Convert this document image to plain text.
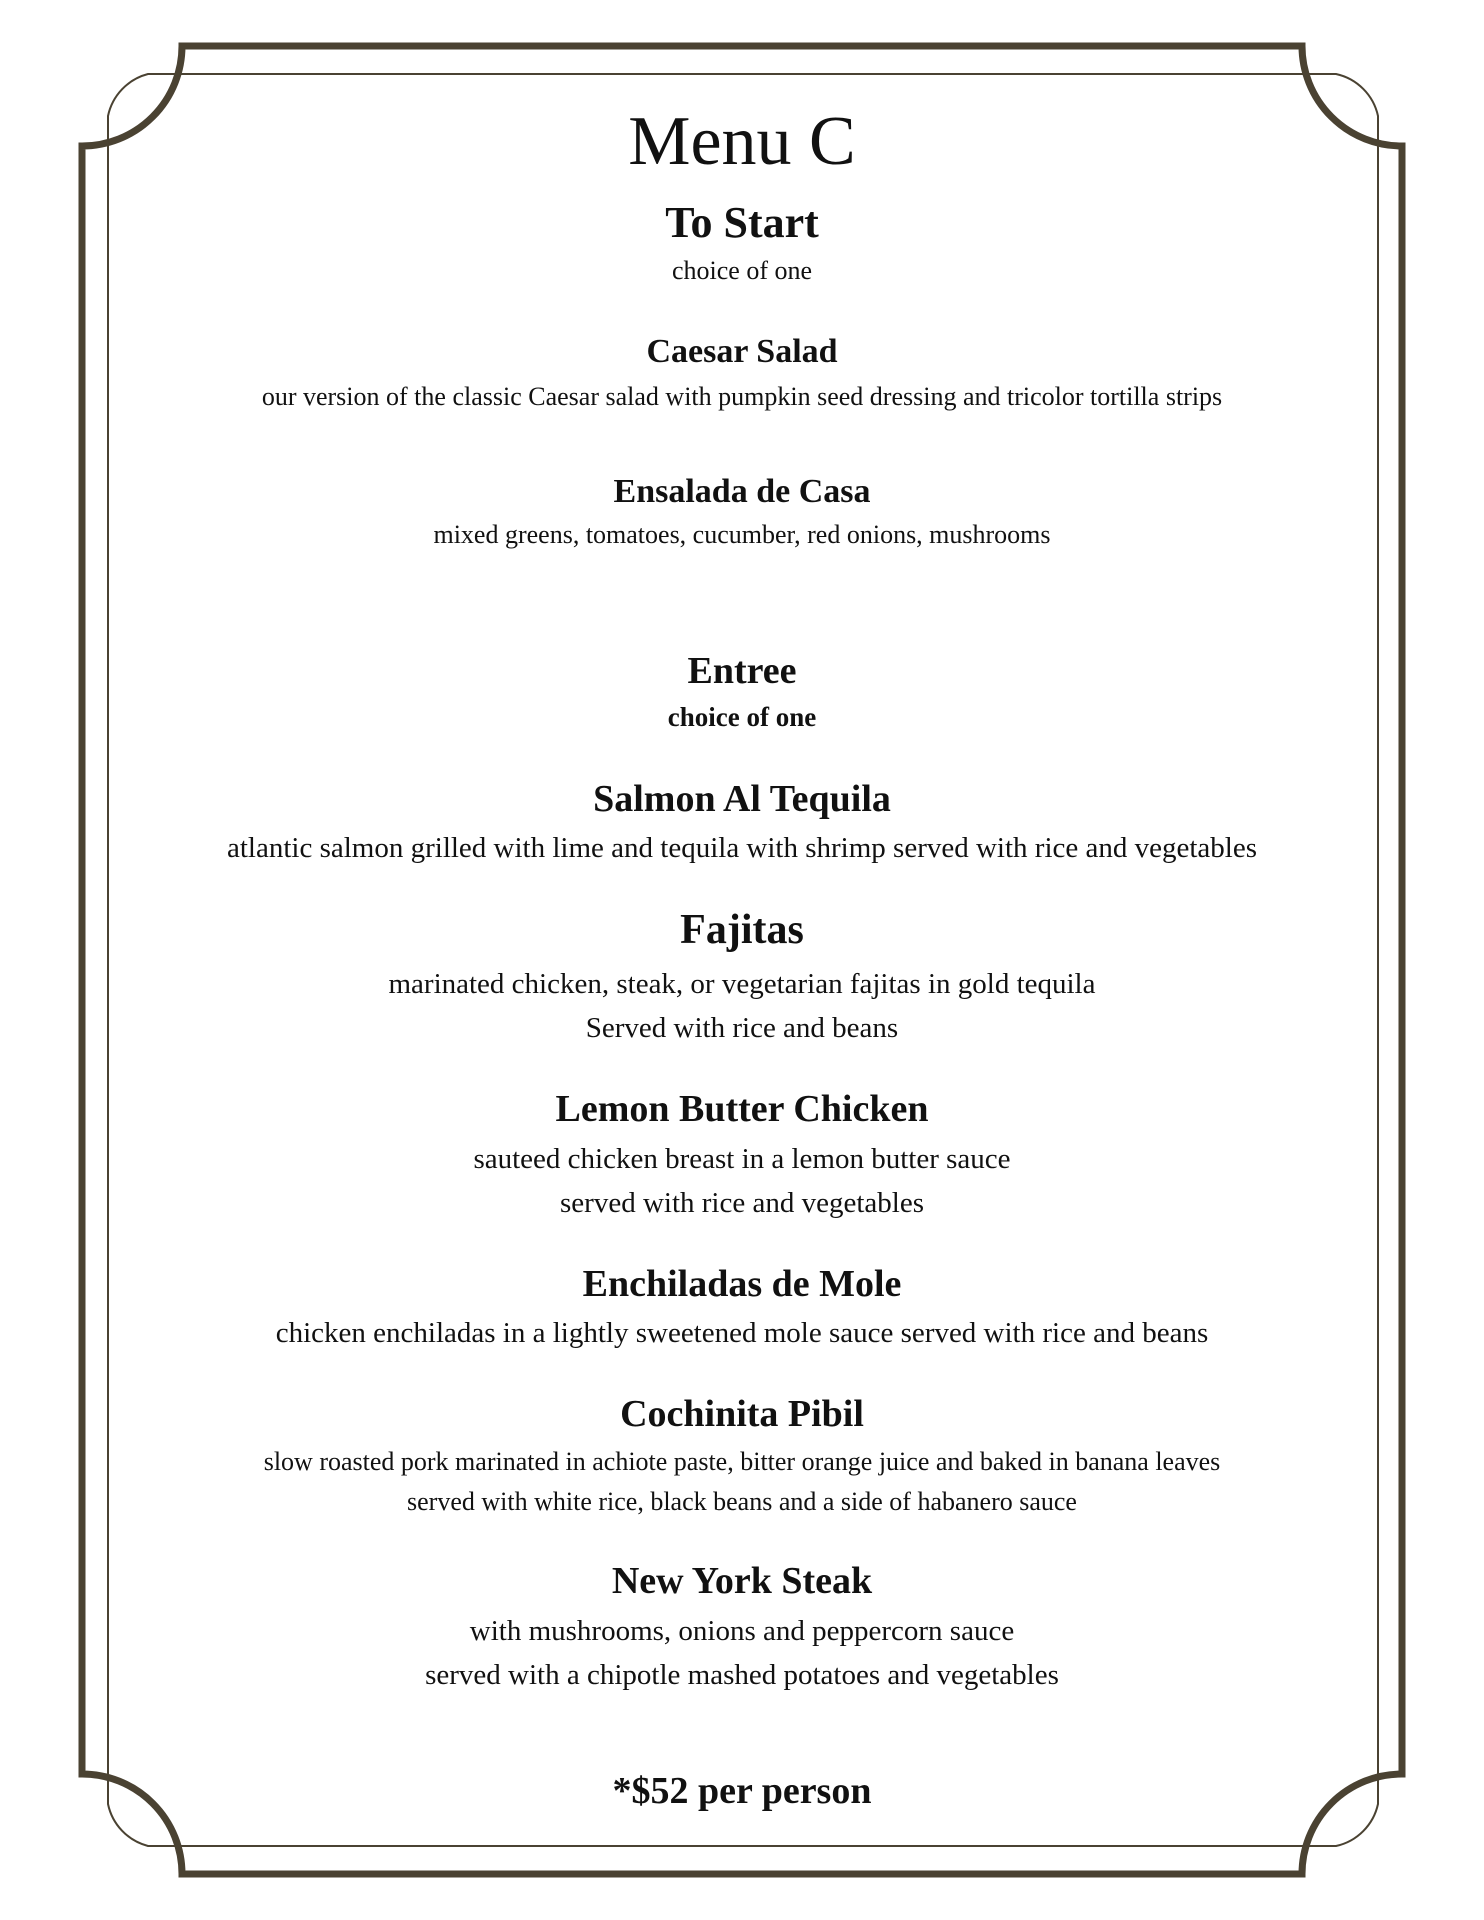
Menu C
To Start
choice of one
Caesar Salad
our version of the classic Caesar salad with pumpkin seed dressing and tricolor tortilla strips
Ensalada de Casa
mixed greens, tomatoes, cucumber, red onions, mushrooms
Entree
choice of one
Salmon Al Tequila
atlantic salmon grilled with lime and tequila with shrimp served with rice and vegetables
Fajitas
marinated chicken, steak, or vegetarian fajitas in gold tequila
Served with rice and beans
Lemon Butter Chicken
sauteed chicken breast in a lemon butter sauce
served with rice and vegetables
Enchiladas de Mole
chicken enchiladas in a lightly sweetened mole sauce served with rice and beans
Cochinita Pibil
slow roasted pork marinated in achiote paste, bitter orange juice and baked in banana leaves
served with white rice, black beans and a side of habanero sauce
New York Steak
with mushrooms, onions and peppercorn sauce
served with a chipotle mashed potatoes and vegetables
*$52 per person
